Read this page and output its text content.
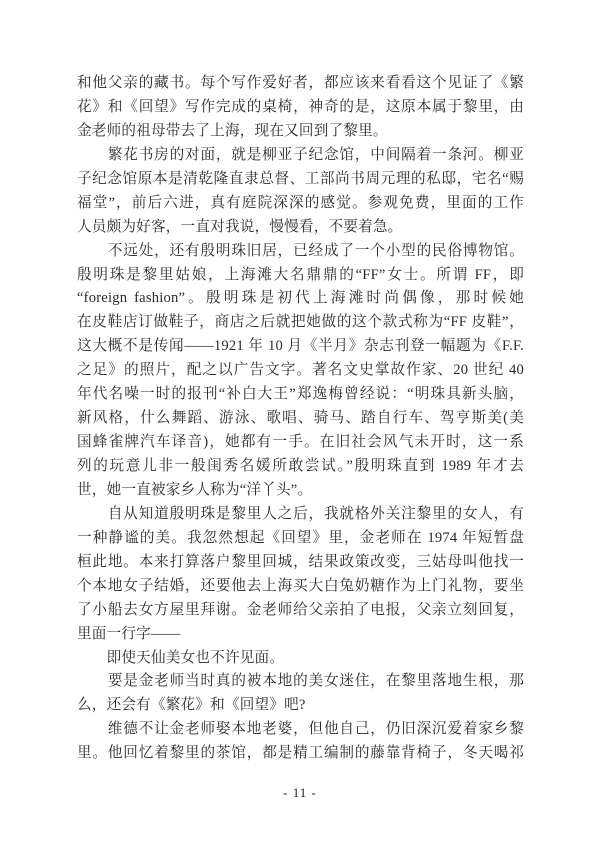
和他父亲的藏书。每个写作爱好者，都应该来看看这个见证了《繁
花》和《回望》写作完成的桌椅，神奇的是，这原本属于黎里，由
金老师的祖母带去了上海，现在又回到了黎里。
　　繁花书房的对面，就是柳亚子纪念馆，中间隔着一条河。柳亚
子纪念馆原本是清乾隆直隶总督、工部尚书周元理的私邸，宅名“赐
福堂”，前后六进，真有庭院深深的感觉。参观免费，里面的工作
人员颇为好客，一直对我说，慢慢看，不要着急。
　　不远处，还有殷明珠旧居，已经成了一个小型的民俗博物馆。
殷明珠是黎里姑娘，上海滩大名鼎鼎的“FF”女士。所谓 FF，即
“foreign fashion”。殷明珠是初代上海滩时尚偶像，那时候她
在皮鞋店订做鞋子，商店之后就把她做的这个款式称为“FF 皮鞋”，
这大概不是传闻——1921 年 10 月《半月》杂志刊登一幅题为《F.F.
之足》的照片，配之以广告文字。著名文史掌故作家、20 世纪 40
年代名噪一时的报刊“补白大王”郑逸梅曾经说：“明珠具新头脑，
新风格，什么舞蹈、游泳、歌唱、骑马、踏自行车、驾亨斯美(美
国蜂雀牌汽车译音)，她都有一手。在旧社会风气未开时，这一系
列的玩意儿非一般闺秀名媛所敢尝试。”殷明珠直到 1989 年才去
世，她一直被家乡人称为“洋丫头”。
　　自从知道殷明珠是黎里人之后，我就格外关注黎里的女人，有
一种静谧的美。我忽然想起《回望》里，金老师在 1974 年短暂盘
桓此地。本来打算落户黎里回城，结果政策改变，三姑母叫他找一
个本地女子结婚，还要他去上海买大白兔奶糖作为上门礼物，要坐
了小船去女方屋里拜谢。金老师给父亲拍了电报，父亲立刻回复，
里面一行字——
　　即使天仙美女也不许见面。
　　要是金老师当时真的被本地的美女迷住，在黎里落地生根，那
么，还会有《繁花》和《回望》吧?
　　维德不让金老师娶本地老婆，但他自己，仍旧深沉爱着家乡黎
里。他回忆着黎里的茶馆，都是精工编制的藤靠背椅子，冬天喝祁
- 11 -
